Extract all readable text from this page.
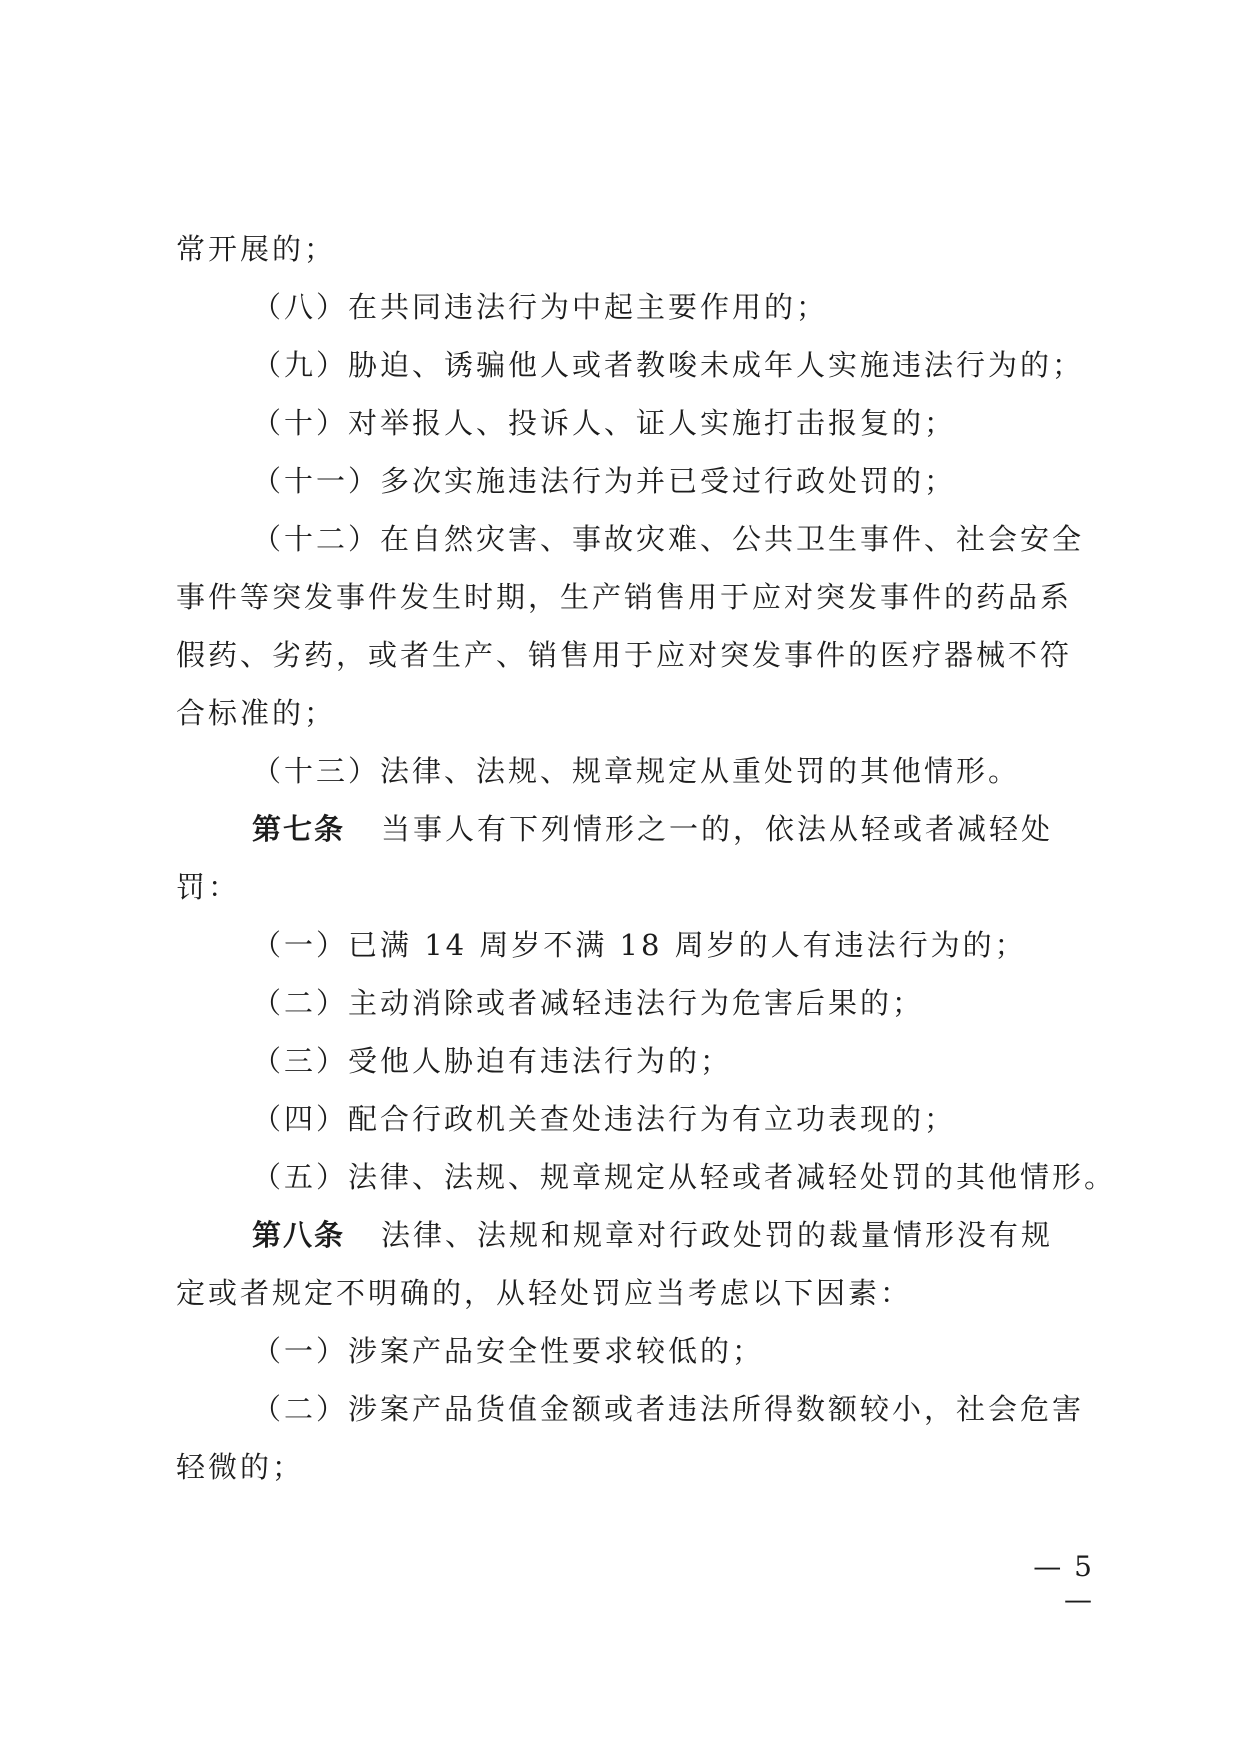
常开展的；
（八）在共同违法行为中起主要作用的；
（九）胁迫、诱骗他人或者教唆未成年人实施违法行为的；
（十）对举报人、投诉人、证人实施打击报复的；
（十一）多次实施违法行为并已受过行政处罚的；
（十二）在自然灾害、事故灾难、公共卫生事件、社会安全
事件等突发事件发生时期，生产销售用于应对突发事件的药品系
假药、劣药，或者生产、销售用于应对突发事件的医疗器械不符
合标准的；
（十三）法律、法规、规章规定从重处罚的其他情形。
第七条 当事人有下列情形之一的，依法从轻或者减轻处
罚：
（一）已满 14 周岁不满 18 周岁的人有违法行为的；
（二）主动消除或者减轻违法行为危害后果的；
（三）受他人胁迫有违法行为的；
（四）配合行政机关查处违法行为有立功表现的；
（五）法律、法规、规章规定从轻或者减轻处罚的其他情形。
第八条 法律、法规和规章对行政处罚的裁量情形没有规
定或者规定不明确的，从轻处罚应当考虑以下因素：
（一）涉案产品安全性要求较低的；
（二）涉案产品货值金额或者违法所得数额较小，社会危害
轻微的；
— 5 —
